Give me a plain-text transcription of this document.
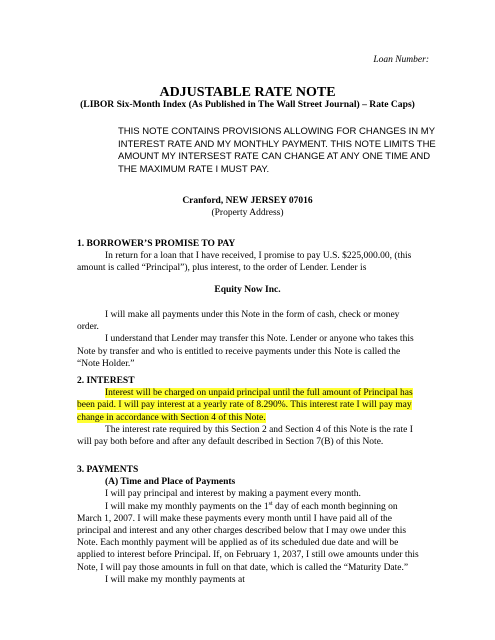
Loan Number:
ADJUSTABLE RATE NOTE
(LIBOR Six-Month Index (As Published in The Wall Street Journal) – Rate Caps)
THIS NOTE CONTAINS PROVISIONS ALLOWING FOR CHANGES IN MY INTEREST RATE AND MY MONTHLY PAYMENT. THIS NOTE LIMITS THE AMOUNT MY INTERSEST RATE CAN CHANGE AT ANY ONE TIME AND THE MAXIMUM RATE I MUST PAY.
Cranford, NEW JERSEY 07016
(Property Address)
1. BORROWER’S PROMISE TO PAY
In return for a loan that I have received, I promise to pay U.S. $225,000.00, (this amount is called “Principal”), plus interest, to the order of Lender. Lender is
Equity Now Inc.
I will make all payments under this Note in the form of cash, check or money order.
I understand that Lender may transfer this Note. Lender or anyone who takes this Note by transfer and who is entitled to receive payments under this Note is called the “Note Holder.”
2. INTEREST
Interest will be charged on unpaid principal until the full amount of Principal has been paid. I will pay interest at a yearly rate of 8.290%. This interest rate I will pay may change in accordance with Section 4 of this Note.
The interest rate required by this Section 2 and Section 4 of this Note is the rate I will pay both before and after any default described in Section 7(B) of this Note.
3. PAYMENTS
(A) Time and Place of Payments
I will pay principal and interest by making a payment every month.
I will make my monthly payments on the 1st day of each month beginning on March 1, 2007. I will make these payments every month until I have paid all of the principal and interest and any other charges described below that I may owe under this Note. Each monthly payment will be applied as of its scheduled due date and will be applied to interest before Principal. If, on February 1, 2037, I still owe amounts under this Note, I will pay those amounts in full on that date, which is called the “Maturity Date.”
I will make my monthly payments at
